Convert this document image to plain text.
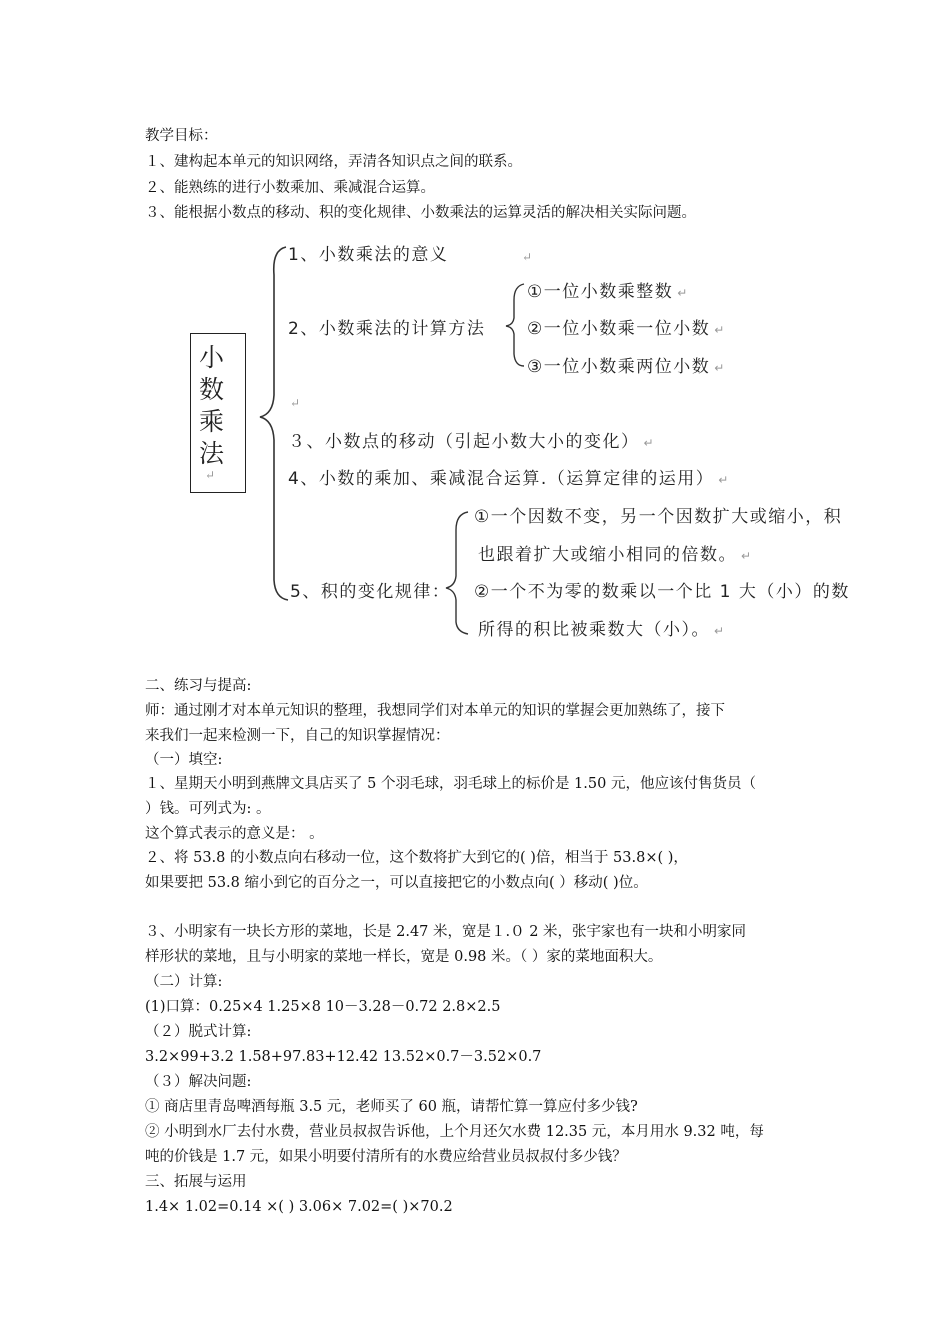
教学目标：
１、建构起本单元的知识网络，弄清各知识点之间的联系。
２、能熟练的进行小数乘加、乘减混合运算。
３、能根据小数点的移动、积的变化规律、小数乘法的运算灵活的解决相关实际问题。
小
数
乘
法
↵
1、小数乘法的意义	↵
2、小数乘法的计算方法
①一位小数乘整数 ↵
②一位小数乘一位小数 ↵
③一位小数乘两位小数 ↵
↵
３、小数点的移动（引起小数大小的变化） ↵
4、小数的乘加、乘减混合运算.（运算定律的运用） ↵
5、积的变化规律：
①一个因数不变，另一个因数扩大或缩小，积
也跟着扩大或缩小相同的倍数。 ↵
②一个不为零的数乘以一个比 1 大（小）的数
所得的积比被乘数大（小）。 ↵
二、练习与提高:
师：通过刚才对本单元知识的整理，我想同学们对本单元的知识的掌握会更加熟练了，接下
来我们一起来检测一下，自己的知识掌握情况：
（一）填空:
１、星期天小明到燕牌文具店买了 5 个羽毛球，羽毛球上的标价是 1.50 元，他应该付售货员（
）钱。可列式为: 。
这个算式表示的意义是： 。
２、将 53.8 的小数点向右移动一位，这个数将扩大到它的( )倍，相当于 53.8×( )，
如果要把 53.8 缩小到它的百分之一，可以直接把它的小数点向( ）移动( )位。
３、小明家有一块长方形的菜地，长是 2.47 米，宽是１.０ 2 米，张宇家也有一块和小明家同
样形状的菜地，且与小明家的菜地一样长，宽是 0.98 米。（ ）家的菜地面积大。
（二）计算:
(1)口算：0.25×4 1.25×8 10－3.28－0.72 2.8×2.5
（２）脱式计算:
3.2×99+3.2 1.58+97.83+12.42 13.52×0.7－3.52×0.7
（３）解决问题:
① 商店里青岛啤酒每瓶 3.5 元，老师买了 60 瓶，请帮忙算一算应付多少钱?
② 小明到水厂去付水费，营业员叔叔告诉他，上个月还欠水费 12.35 元，本月用水 9.32 吨，每
吨的价钱是 1.7 元，如果小明要付清所有的水费应给营业员叔叔付多少钱？
三、拓展与运用
1.4× 1.02=0.14 ×( ) 3.06× 7.02=( )×70.2
